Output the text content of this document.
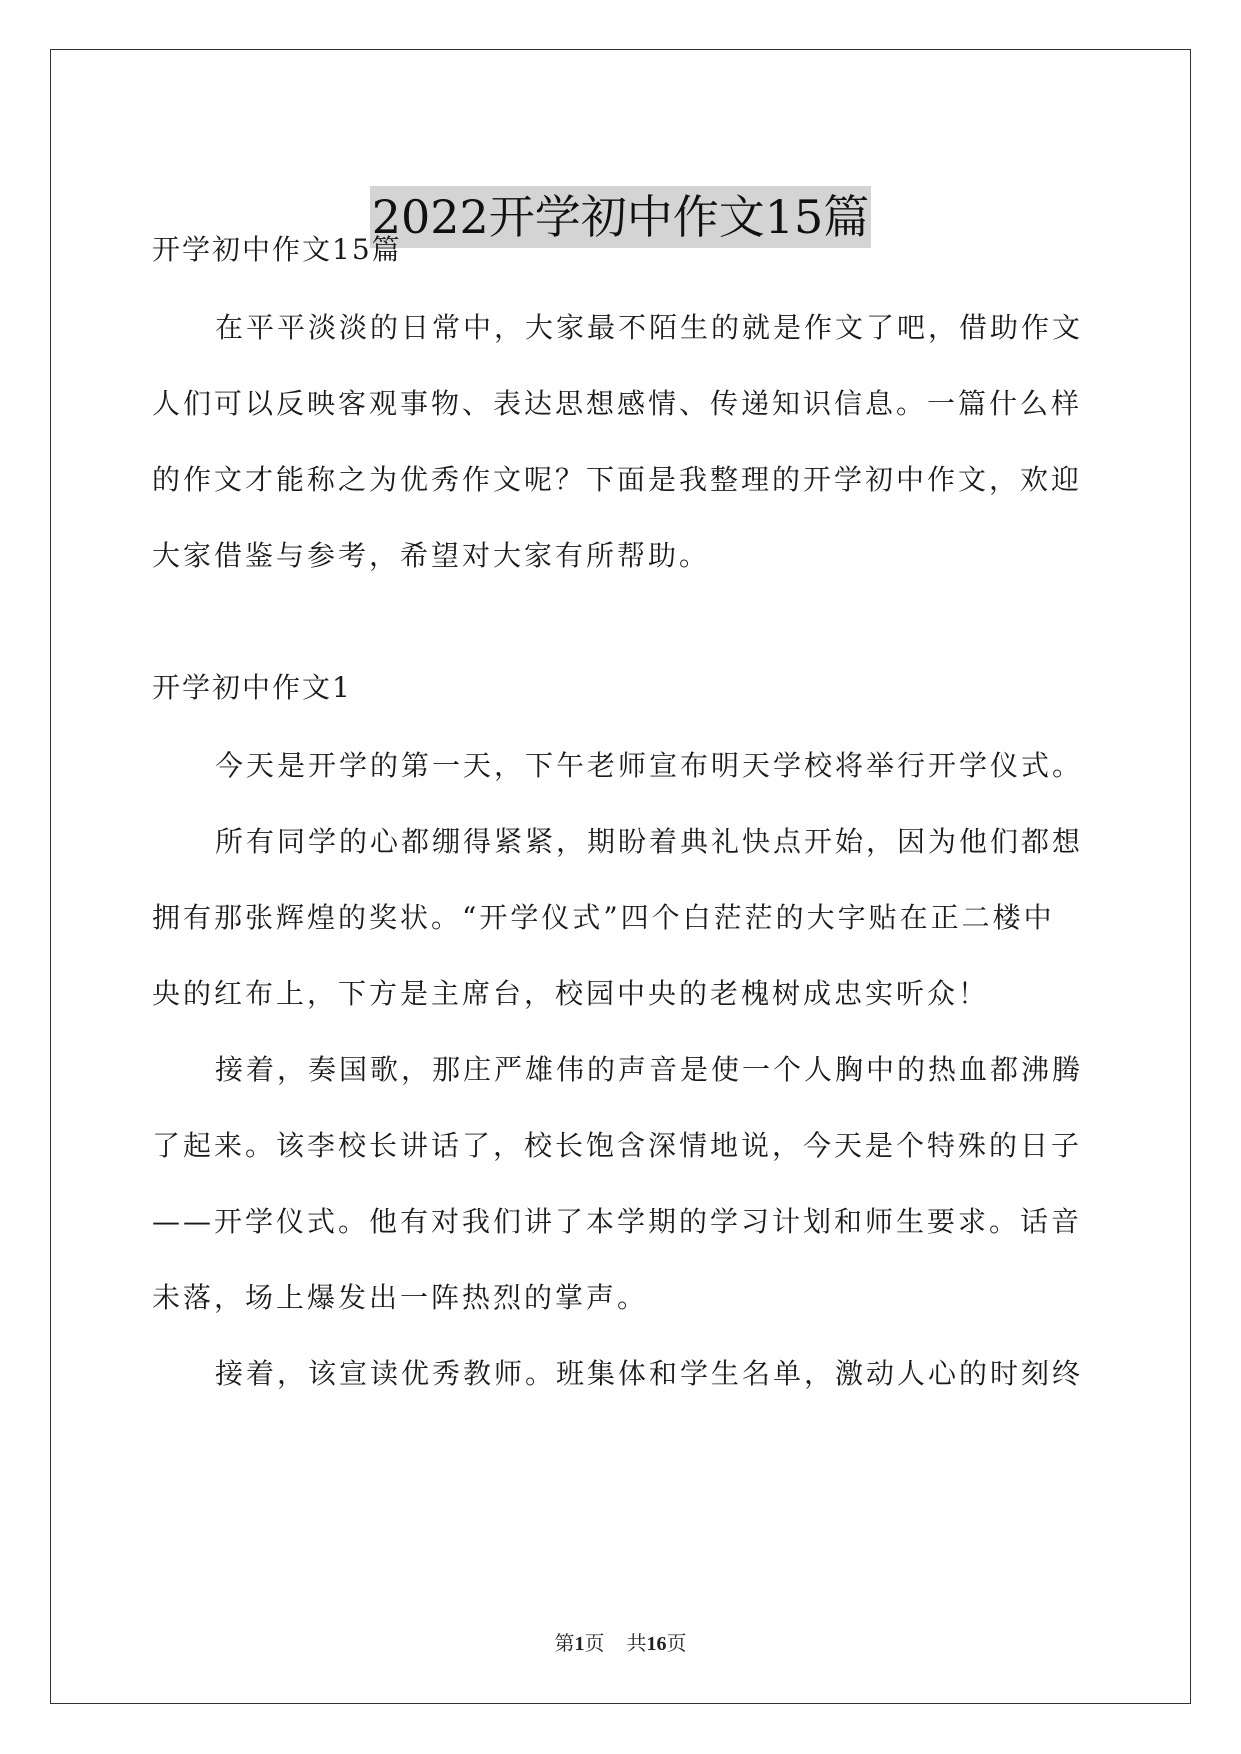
2022开学初中作文15篇
开学初中作文15篇
在平平淡淡的日常中，大家最不陌生的就是作文了吧，借助作文
人们可以反映客观事物、表达思想感情、传递知识信息。一篇什么样
的作文才能称之为优秀作文呢？下面是我整理的开学初中作文，欢迎
大家借鉴与参考，希望对大家有所帮助。
开学初中作文1
今天是开学的第一天，下午老师宣布明天学校将举行开学仪式。
所有同学的心都绷得紧紧，期盼着典礼快点开始，因为他们都想
拥有那张辉煌的奖状。“开学仪式”四个白茫茫的大字贴在正二楼中
央的红布上，下方是主席台，校园中央的老槐树成忠实听众！
接着，奏国歌，那庄严雄伟的声音是使一个人胸中的热血都沸腾
了起来。该李校长讲话了，校长饱含深情地说，今天是个特殊的日子
——开学仪式。他有对我们讲了本学期的学习计划和师生要求。话音
未落，场上爆发出一阵热烈的掌声。
接着，该宣读优秀教师。班集体和学生名单，激动人心的时刻终
第1页 共16页
